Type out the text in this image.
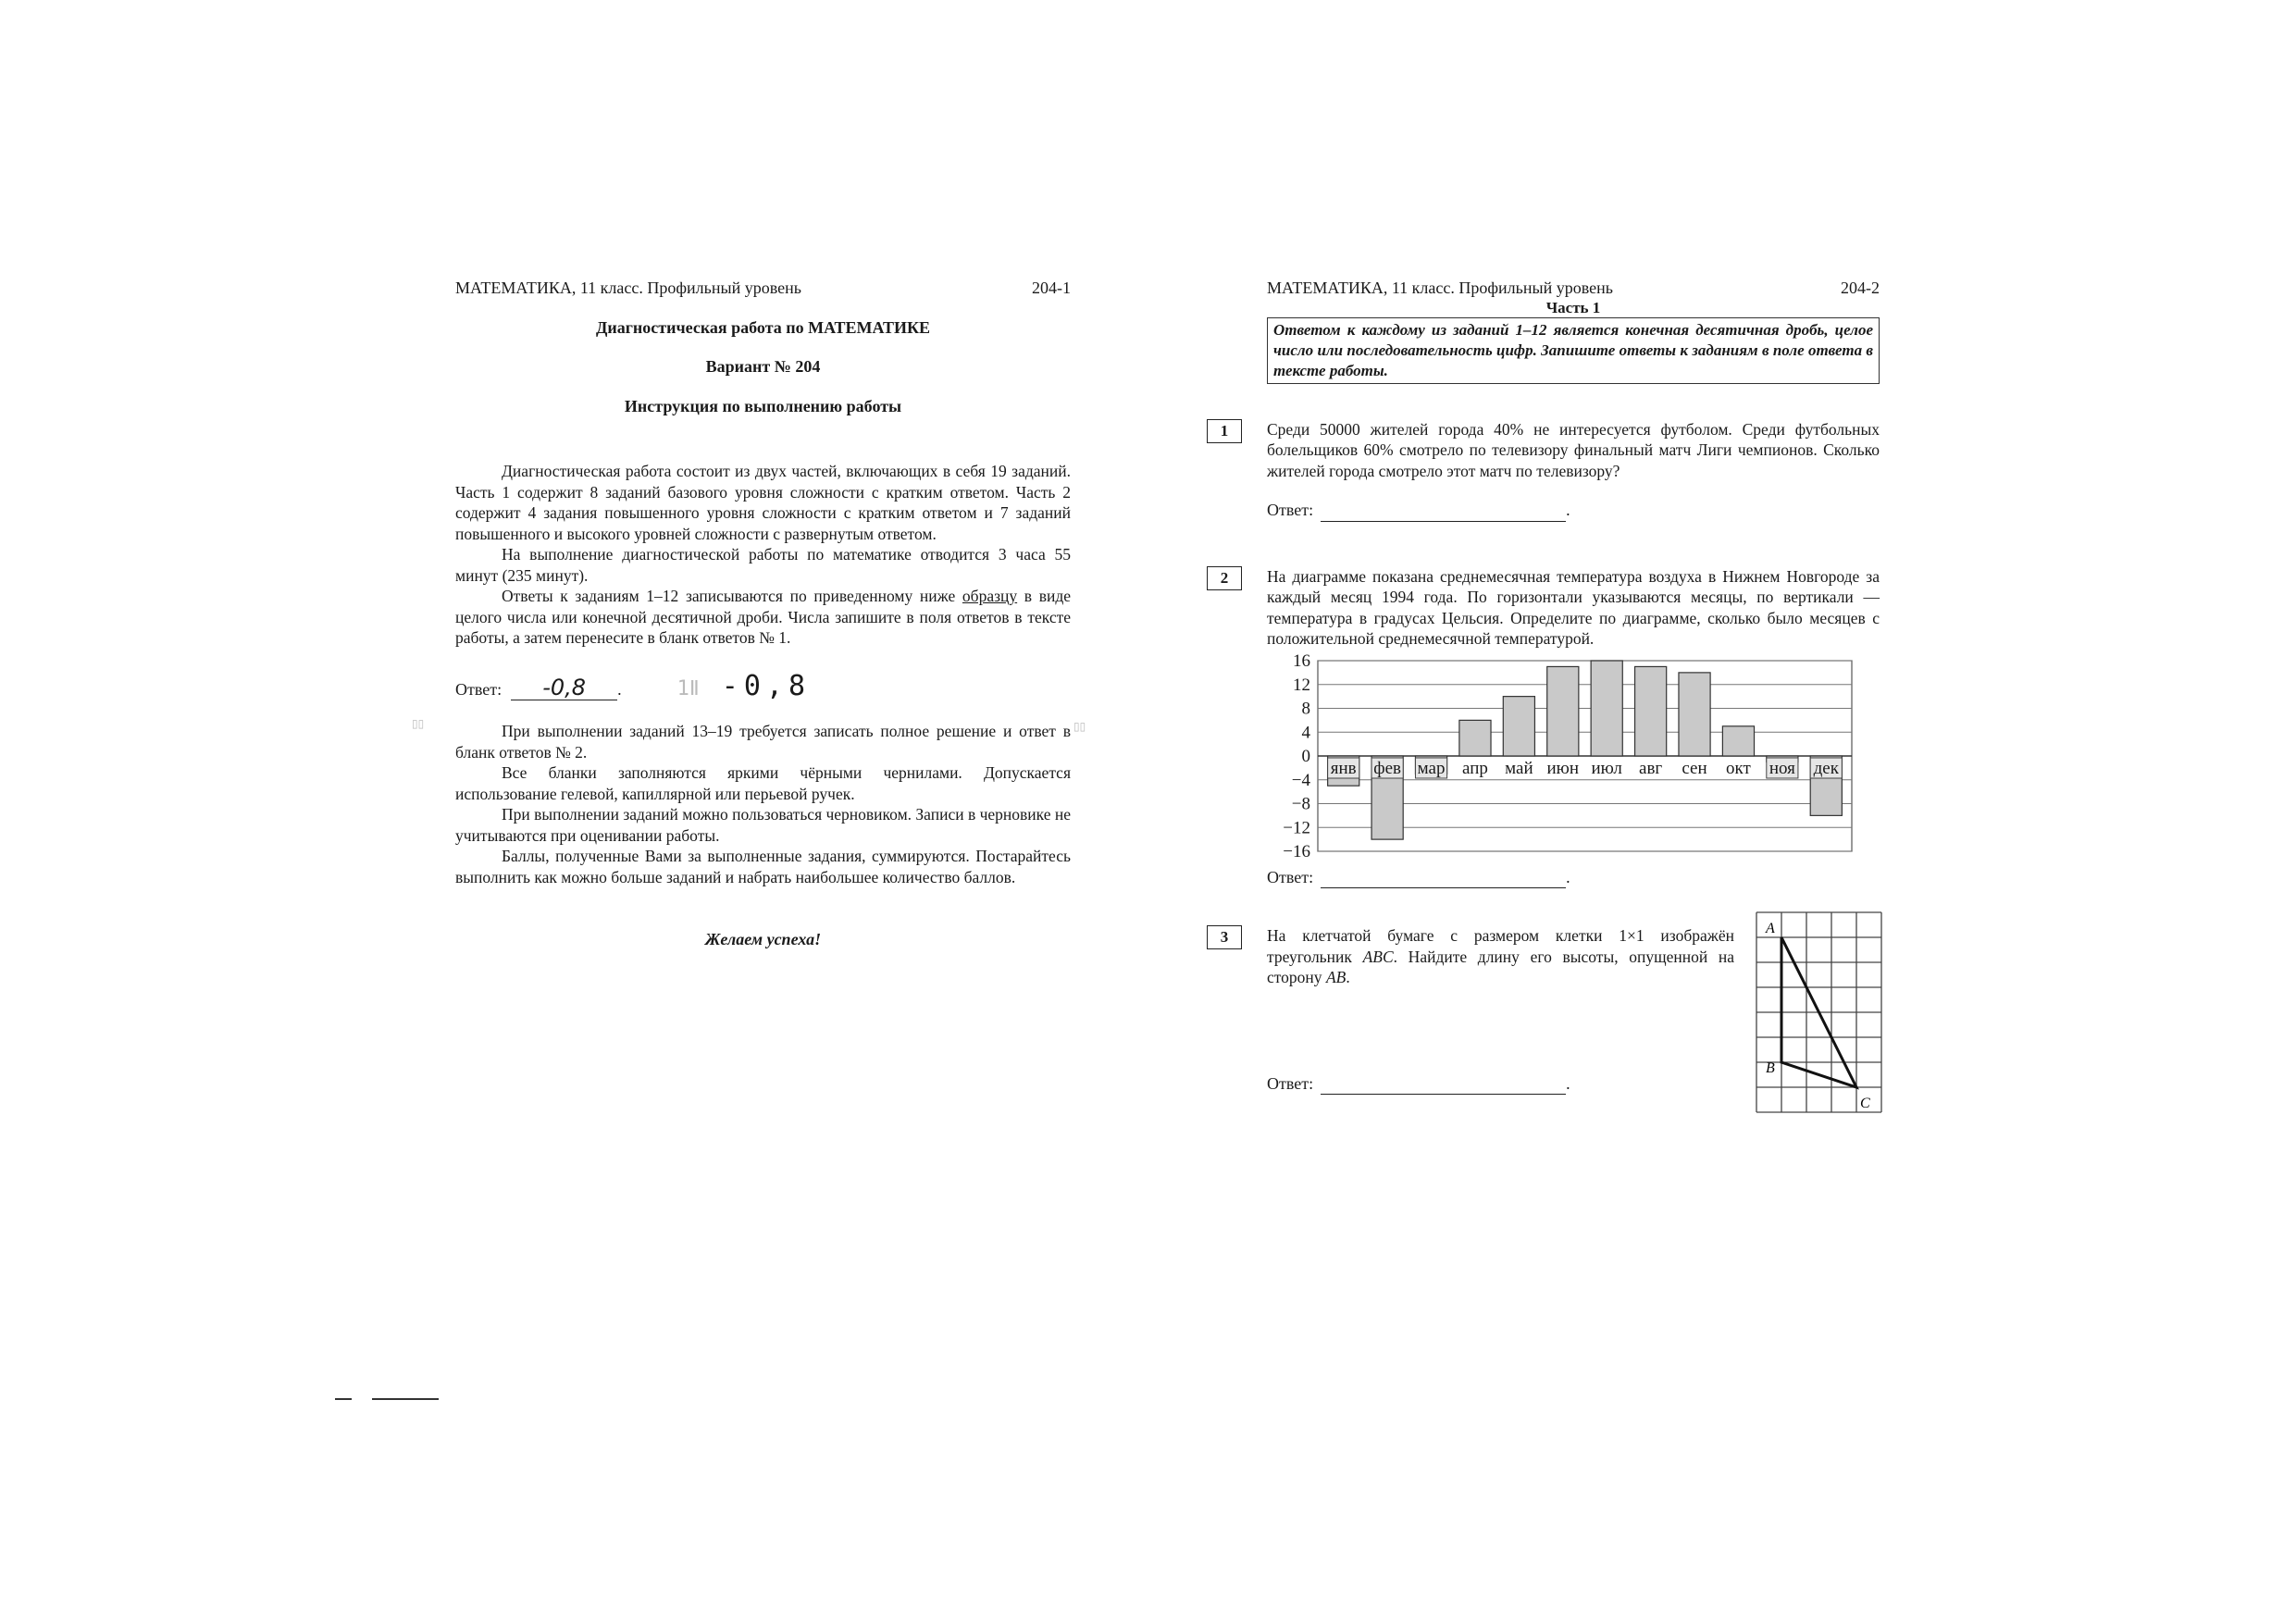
МАТЕМАТИКА, 11 класс. Профильный уровень	204-1
Диагностическая работа по МАТЕМАТИКЕ
Вариант № 204
Инструкция по выполнению работы

Диагностическая работа состоит из двух частей, включающих в себя 19 заданий. Часть 1 содержит 8 заданий базового уровня сложности с кратким ответом. Часть 2 содержит 4 задания повышенного уровня сложности с кратким ответом и 7 заданий повышенного и высокого уровней сложности с развернутым ответом.

На выполнение диагностической работы по математике отводится 3 часа 55 минут (235 минут).

Ответы к заданиям 1–12 записываются по приведенному ниже образцу в виде целого числа или конечной десятичной дроби. Числа запишите в поля ответов в тексте работы, а затем перенесите в бланк ответов № 1.

Ответ:	-0,8	.	1Ⅱ -0,8

При выполнении заданий 13–19 требуется записать полное решение и ответ в бланк ответов № 2.

Все бланки заполняются яркими чёрными чернилами. Допускается использование гелевой, капиллярной или перьевой ручек.

При выполнении заданий можно пользоваться черновиком. Записи в черновике не учитываются при оценивании работы.

Баллы, полученные Вами за выполненные задания, суммируются. Постарайтесь выполнить как можно больше заданий и набрать наибольшее количество баллов.

Желаем успеха!
▯▯	▯▯
МАТЕМАТИКА, 11 класс. Профильный уровень	204-2
Часть 1
Ответом к каждому из заданий 1–12 является конечная десятичная дробь, целое число или последовательность цифр. Запишите ответы к заданиям в поле ответа в тексте работы.
1	Среди 50000 жителей города 40% не интересуется футболом. Среди футбольных болельщиков 60% смотрело по телевизору финальный матч Лиги чемпионов. Сколько жителей города смотрело этот матч по телевизору?
Ответ:
	.
2	На диаграмме показана среднемесячная температура воздуха в Нижнем Новгороде за каждый месяц 1994 года. По горизонтали указываются месяцы, по вертикали — температура в градусах Цельсия. Определите по диаграмме, сколько было месяцев с положительной среднемесячной температурой.
16
12
8
4
0
−4
−8
−12
−16
янв фев мар апр май июн июл авг сен окт ноя дек
Ответ:
	.
3	На клетчатой бумаге с размером клетки 1×1 изображён треугольник ABC. Найдите длину его высоты, опущенной на сторону AB.
Ответ:
	.
A
B
C
